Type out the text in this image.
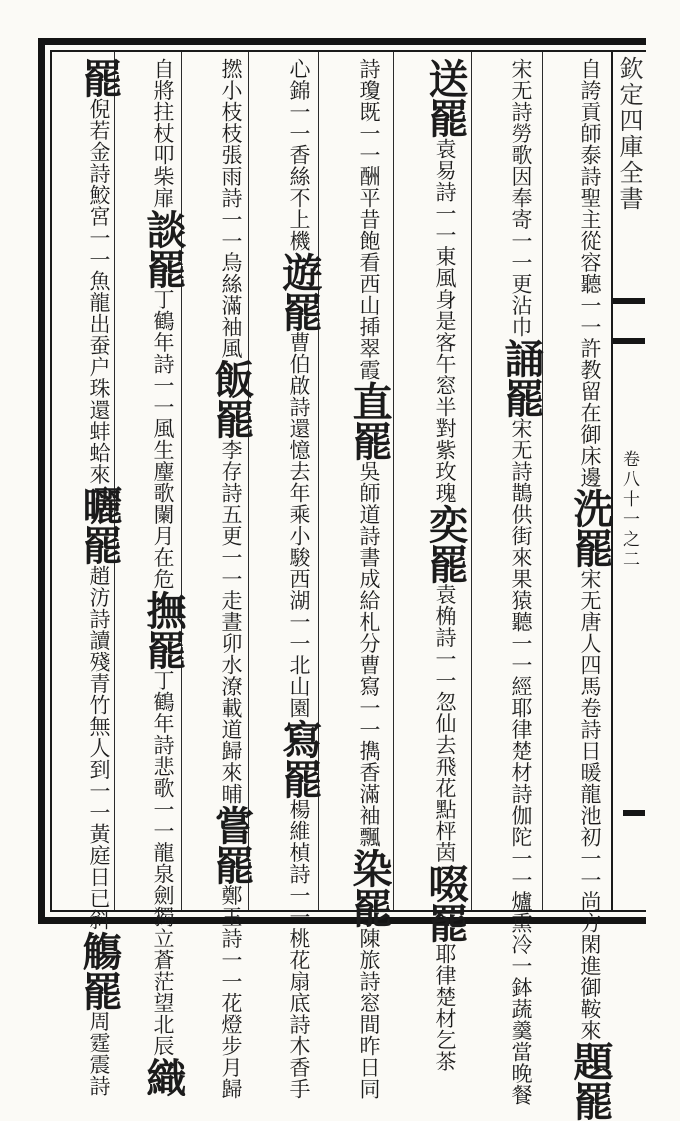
欽定四庫全書
卷八十一之二
自誇貢師泰詩聖主從容聽一一許教留在御床邊洗罷宋无唐人四馬卷詩日暖龍池初一一尚方閑進御鞍來題罷
宋无詩勞歌因奉寄一一更沾巾誦罷宋无詩鵲供街來果猿聽一一經耶律楚材詩伽陀一一爐熏冷一鉢蔬羹當晚餐
送罷袁易詩一一東風身是客午窓半對紫玫瑰奕罷袁桷詩一一忽仙去飛花點枰茵啜罷耶律楚材乞茶
詩瓊既一一酬平昔飽看西山揷翠霞直罷吳師道詩書成給札分曹寫一一擕香滿袖飄染罷陳旅詩窓間昨日同
心錦一一香絲不上機遊罷曹伯啟詩還憶去年乘小駿西湖一一北山園寫罷楊維楨詩一一桃花扇底詩木香手
撚小枝枝張雨詩一一烏絲滿袖風飯罷李存詩五更一一走晝卯水潦載道歸來晡嘗罷鄭玉詩一一花燈步月歸
自將拄杖叩柴扉談罷丁鶴年詩一一風生麈歌闌月在危撫罷丁鶴年詩悲歌一一龍泉劍獨立蒼茫望北辰織
罷倪若金詩鮫宮一一魚龍出蚕户珠還蚌蛤來曬罷趙汸詩讀殘青竹無人到一一黃庭日已斜觴罷周霆震詩
